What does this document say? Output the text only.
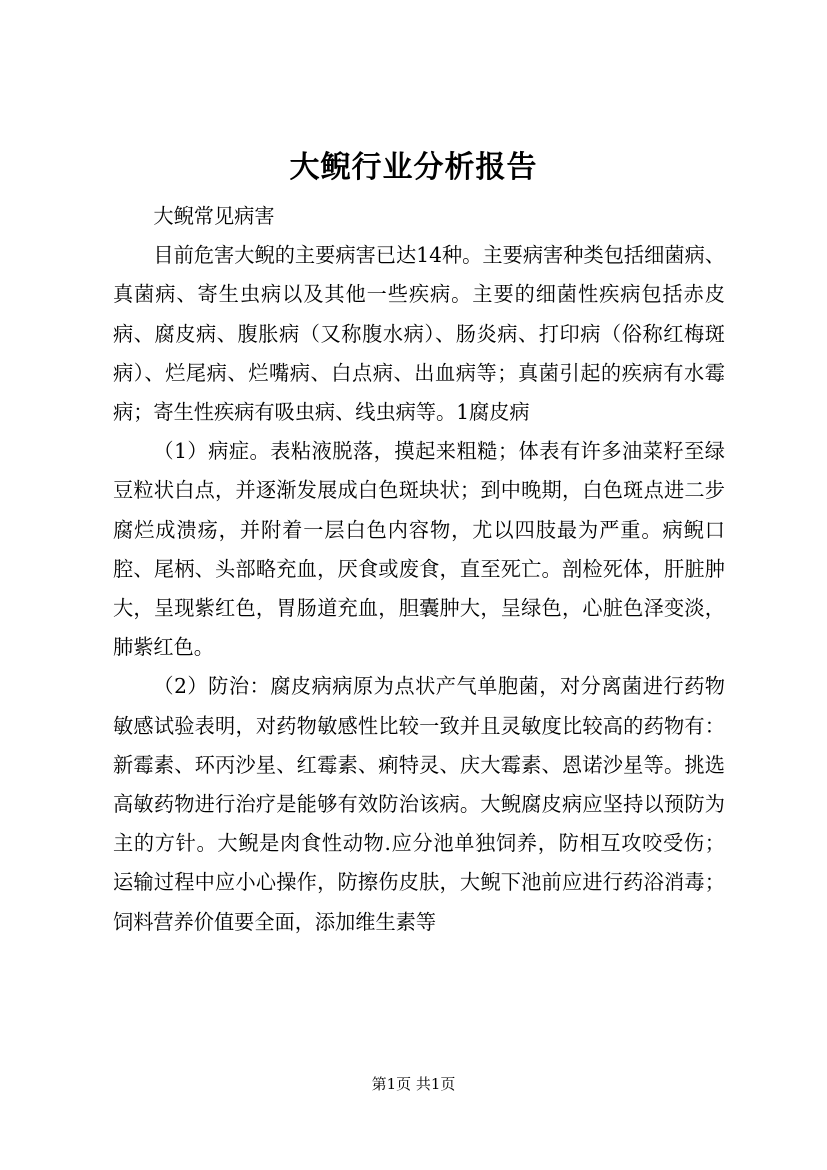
大鲵行业分析报告

大鲵常见病害

目前危害大鲵的主要病害已达14种。主要病害种类包括细菌病、真菌病、寄生虫病以及其他一些疾病。主要的细菌性疾病包括赤皮病、腐皮病、腹胀病（又称腹水病）、肠炎病、打印病（俗称红梅斑病）、烂尾病、烂嘴病、白点病、出血病等；真菌引起的疾病有水霉病；寄生性疾病有吸虫病、线虫病等。1腐皮病

（1）病症。表粘液脱落，摸起来粗糙；体表有许多油菜籽至绿豆粒状白点，并逐渐发展成白色斑块状；到中晚期，白色斑点进二步腐烂成溃疡，并附着一层白色内容物，尤以四肢最为严重。病鲵口腔、尾柄、头部略充血，厌食或废食，直至死亡。剖检死体，肝脏肿大，呈现紫红色，胃肠道充血，胆囊肿大，呈绿色，心脏色泽变淡，肺紫红色。

（2）防治：腐皮病病原为点状产气单胞菌，对分离菌进行药物敏感试验表明，对药物敏感性比较一致并且灵敏度比较高的药物有：新霉素、环丙沙星、红霉素、痢特灵、庆大霉素、恩诺沙星等。挑选高敏药物进行治疗是能够有效防治该病。大鲵腐皮病应坚持以预防为主的方针。大鲵是肉食性动物.应分池单独饲养，防相互攻咬受伤；运输过程中应小心操作，防擦伤皮肤，大鲵下池前应进行药浴消毒；饲料营养价值要全面，添加维生素等

第1页 共1页
